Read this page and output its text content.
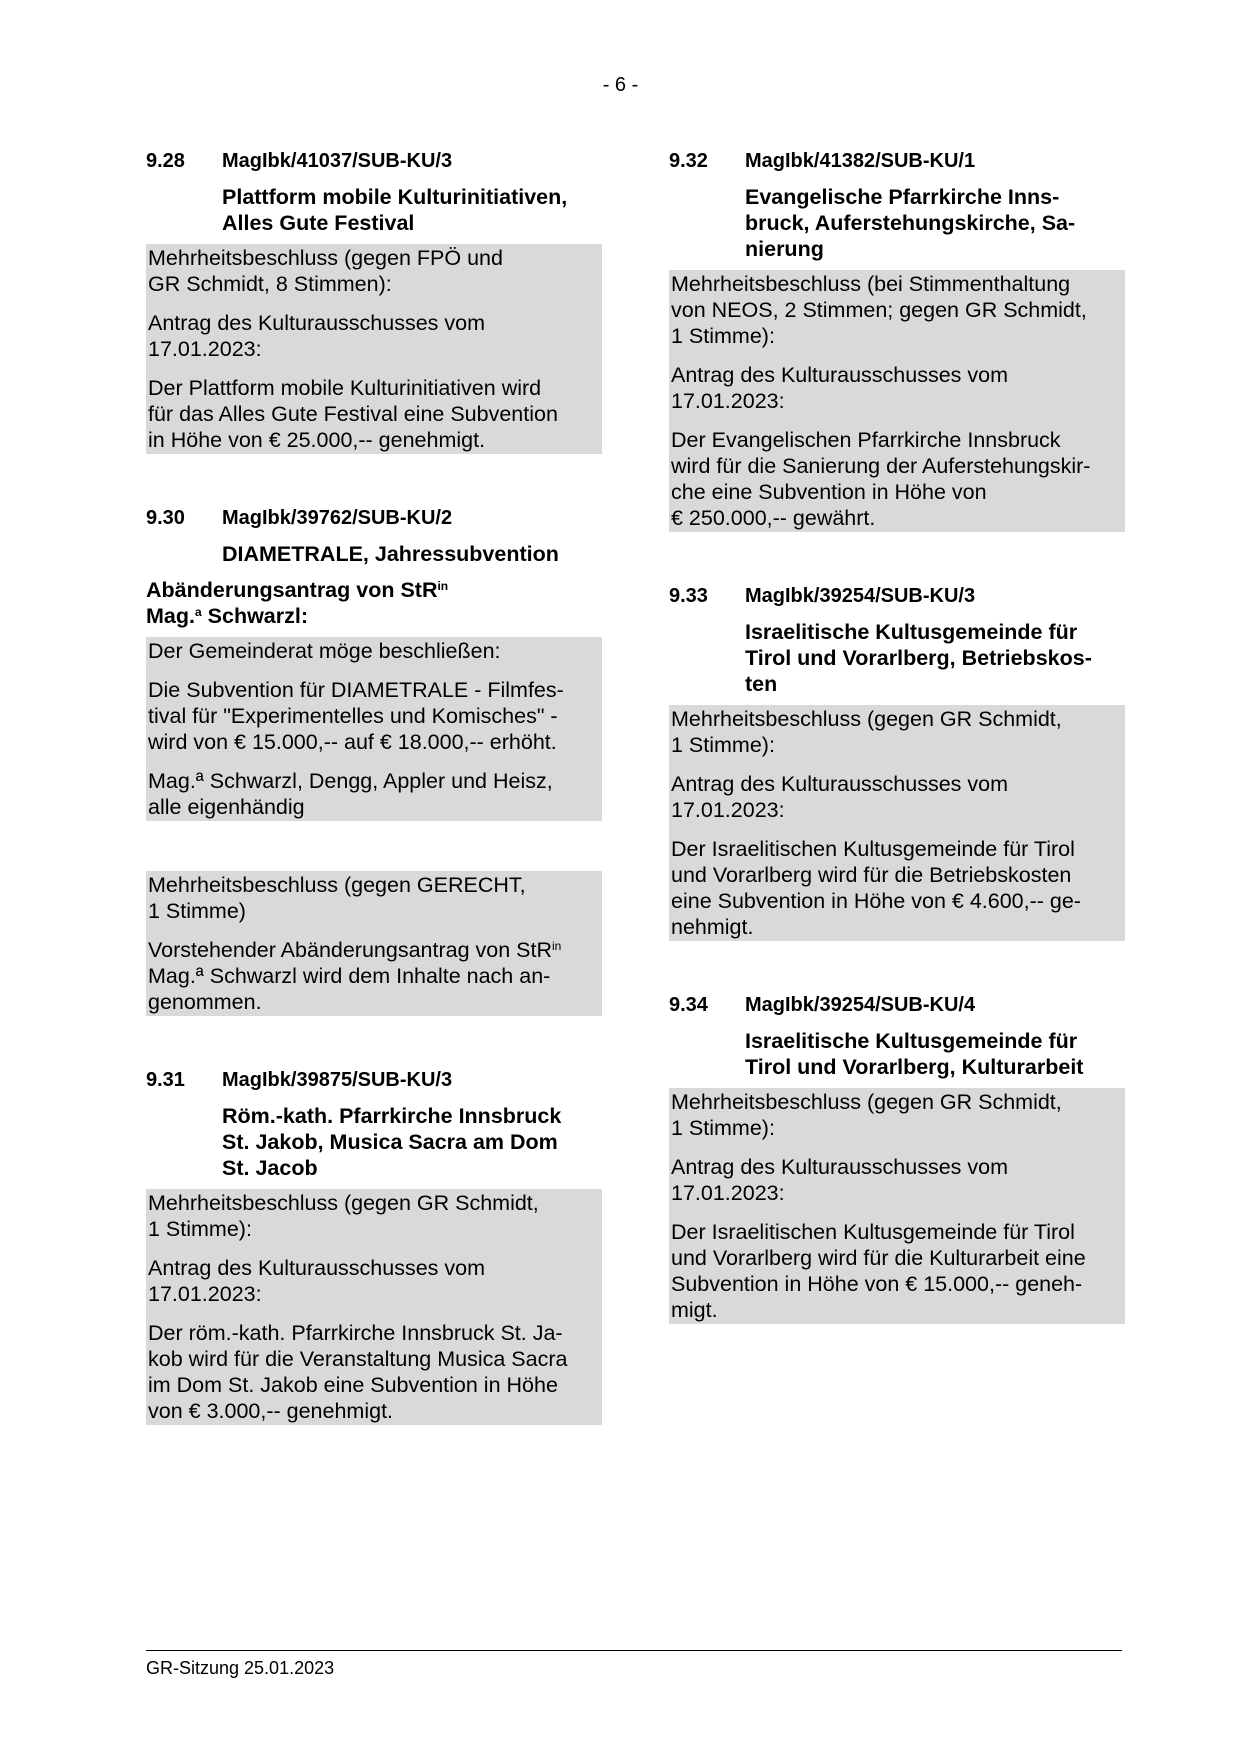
- 6 -
9.28	MagIbk/41037/SUB-KU/3
Plattform mobile Kulturinitiativen,
Alles Gute Festival

Mehrheitsbeschluss (gegen FPÖ und
GR Schmidt, 8 Stimmen):

Antrag des Kulturausschusses vom
17.01.2023:

Der Plattform mobile Kulturinitiativen wird
für das Alles Gute Festival eine Subvention
in Höhe von € 25.000,-- genehmigt.

9.30	MagIbk/39762/SUB-KU/2
DIAMETRALE, Jahressubvention
Abänderungsantrag von StR$^{in}$
Mag.$^a$ Schwarzl:

Der Gemeinderat möge beschließen:

Die Subvention für DIAMETRALE - Filmfes-
tival für "Experimentelles und Komisches" -
wird von € 15.000,-- auf € 18.000,-- erhöht.

Mag.ª Schwarzl, Dengg, Appler und Heisz,
alle eigenhändig

Mehrheitsbeschluss (gegen GERECHT,
1 Stimme)

Vorstehender Abänderungsantrag von StR$^{in}$
Mag.ª Schwarzl wird dem Inhalte nach an-
genommen.

9.31	MagIbk/39875/SUB-KU/3
Röm.-kath. Pfarrkirche Innsbruck
St. Jakob, Musica Sacra am Dom
St. Jacob

Mehrheitsbeschluss (gegen GR Schmidt,
1 Stimme):

Antrag des Kulturausschusses vom
17.01.2023:

Der röm.-kath. Pfarrkirche Innsbruck St. Ja-
kob wird für die Veranstaltung Musica Sacra
im Dom St. Jakob eine Subvention in Höhe
von € 3.000,-- genehmigt.

9.32	MagIbk/41382/SUB-KU/1
Evangelische Pfarrkirche Inns-
bruck, Auferstehungskirche, Sa-
nierung

Mehrheitsbeschluss (bei Stimmenthaltung
von NEOS, 2 Stimmen; gegen GR Schmidt,
1 Stimme):

Antrag des Kulturausschusses vom
17.01.2023:

Der Evangelischen Pfarrkirche Innsbruck
wird für die Sanierung der Auferstehungskir-
che eine Subvention in Höhe von
€ 250.000,-- gewährt.

9.33	MagIbk/39254/SUB-KU/3
Israelitische Kultusgemeinde für
Tirol und Vorarlberg, Betriebskos-
ten

Mehrheitsbeschluss (gegen GR Schmidt,
1 Stimme):

Antrag des Kulturausschusses vom
17.01.2023:

Der Israelitischen Kultusgemeinde für Tirol
und Vorarlberg wird für die Betriebskosten
eine Subvention in Höhe von € 4.600,-- ge-
nehmigt.

9.34	MagIbk/39254/SUB-KU/4
Israelitische Kultusgemeinde für
Tirol und Vorarlberg, Kulturarbeit

Mehrheitsbeschluss (gegen GR Schmidt,
1 Stimme):

Antrag des Kulturausschusses vom
17.01.2023:

Der Israelitischen Kultusgemeinde für Tirol
und Vorarlberg wird für die Kulturarbeit eine
Subvention in Höhe von € 15.000,-- geneh-
migt.

GR-Sitzung 25.01.2023
